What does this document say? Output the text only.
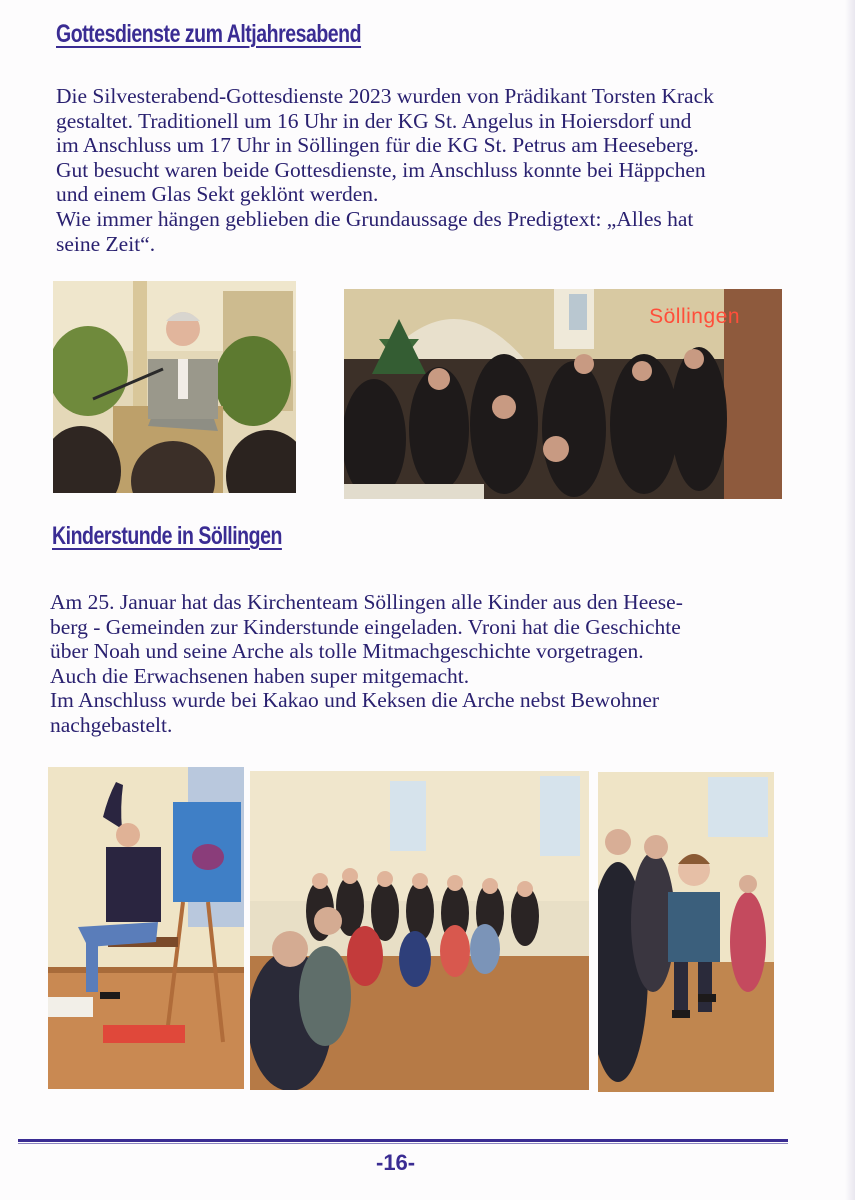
Gottesdienste zum Altjahresabend
Die Silvesterabend-Gottesdienste 2023 wurden von Prädikant Torsten Krack
gestaltet. Traditionell um 16 Uhr in der KG St. Angelus in Hoiersdorf und
im Anschluss um 17 Uhr in Söllingen für die KG St. Petrus am Heeseberg.
Gut besucht waren beide Gottesdienste, im Anschluss konnte bei Häppchen
und einem Glas Sekt geklönt werden.
Wie immer hängen geblieben die Grundaussage des Predigtext: „Alles hat
seine Zeit“.
Söllingen
Kinderstunde in Söllingen
Am 25. Januar hat das Kirchenteam Söllingen alle Kinder aus den Heese-
berg - Gemeinden zur Kinderstunde eingeladen. Vroni hat die Geschichte
über Noah und seine Arche als tolle Mitmachgeschichte vorgetragen.
Auch die Erwachsenen haben super mitgemacht.
Im Anschluss wurde bei Kakao und Keksen die Arche nebst Bewohner
nachgebastelt.
-16-
